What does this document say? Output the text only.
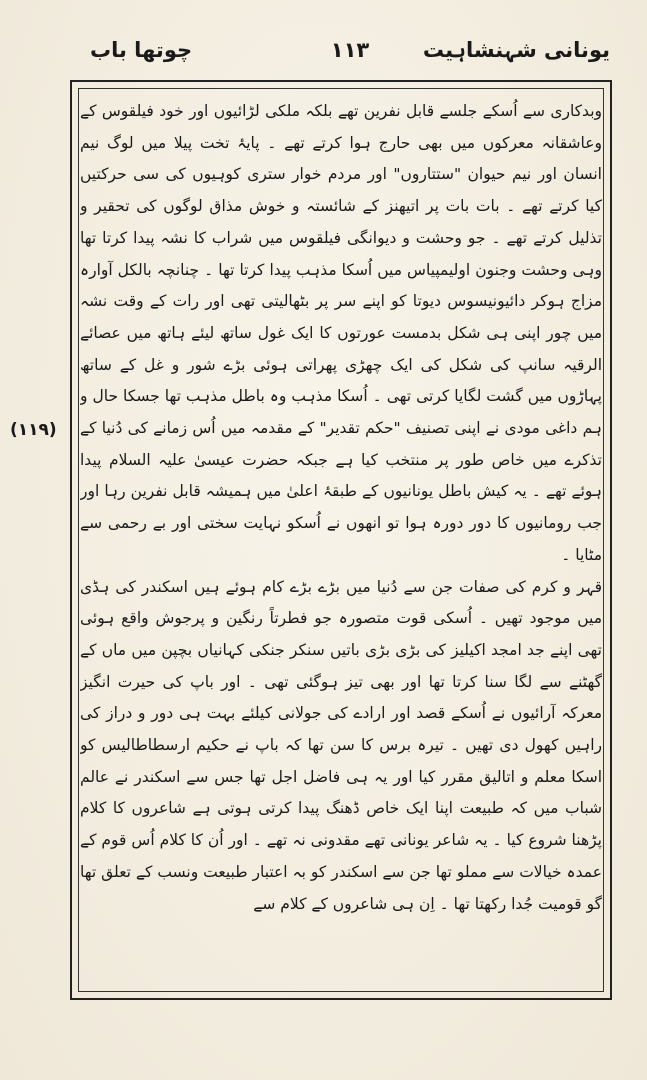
یونانی شہنشاہیت
۱۱۳
چوتھا باب

وبدکاری سے اُسکے جلسے قابل نفرین تھے بلکہ ملکی لڑائیوں اور خود فیلقوس کے وعاشقانہ معرکوں میں بھی حارج ہوا کرتے تھے ۔ پایۂ تخت پیلا میں لوگ نیم انسان اور نیم حیوان "ستتاروں" اور مردم خوار ستری کوہیوں کی سی حرکتیں کیا کرتے تھے ۔ بات بات پر اتیھنز کے شائستہ و خوش مذاق لوگوں کی تحقیر و تذلیل کرتے تھے ۔ جو وحشت و دیوانگی فیلقوس میں شراب کا نشہ پیدا کرتا تھا وہی وحشت وجنون اولیمپیاس میں اُسکا مذہب پیدا کرتا تھا ۔ چنانچہ بالکل آوارہ مزاج ہوکر دائیونیسوس دیوتا کو اپنے سر پر بٹھالیتی تھی اور رات کے وقت نشہ میں چور اپنی ہی شکل بدمست عورتوں کا ایک غول ساتھ لیئے ہاتھ میں عصائے الرقیہ سانپ کی شکل کی ایک چھڑی پھراتی ہوئی بڑے شور و غل کے ساتھ پہاڑوں میں گشت لگایا کرتی تھی ۔ اُسکا مذہب وہ باطل مذہب تھا جسکا حال و ہم داغی مودی نے اپنی تصنیف "حکم تقدیر" کے مقدمہ میں اُس زمانے کی دُنیا کے تذکرے میں خاص طور پر منتخب کیا ہے جبکہ حضرت عیسیٰ علیہ السلام پیدا ہوئے تھے ۔ یہ کیش باطل یونانیوں کے طبقۂ اعلیٰ میں ہمیشہ قابل نفرین رہا اور جب رومانیوں کا دور دورہ ہوا تو انھوں نے اُسکو نہایت سختی اور بے رحمی سے مٹایا ۔

قہر و کرم کی صفات جن سے دُنیا میں بڑے بڑے کام ہوئے ہیں اسکندر کی ہڈی میں موجود تھیں ۔ اُسکی قوت متصورہ جو فطرتاً رنگین و پرجوش واقع ہوئی تھی اپنے جد امجد اکیلیز کی بڑی بڑی باتیں سنکر جنکی کہانیاں بچپن میں ماں کے گھٹنے سے لگا سنا کرتا تھا اور بھی تیز ہوگئی تھی ۔ اور باپ کی حیرت انگیز معرکہ آرائیوں نے اُسکے قصد اور ارادے کی جولانی کیلئے بہت ہی دور و دراز کی راہیں کھول دی تھیں ۔ تیرہ برس کا سن تھا کہ باپ نے حکیم ارسطاطالیس کو اسکا معلم و اتالیق مقرر کیا اور یہ ہی فاضل اجل تھا جس سے اسکندر نے عالم شباب میں کہ طبیعت اپنا ایک خاص ڈھنگ پیدا کرتی ہوتی ہے شاعروں کا کلام پڑھنا شروع کیا ۔ یہ شاعر یونانی تھے مقدونی نہ تھے ۔ اور اُن کا کلام اُس قوم کے عمدہ خیالات سے مملو تھا جن سے اسکندر کو بہ اعتبار طبیعت ونسب کے تعلق تھا گو قومیت جُدا رکھتا تھا ۔ اِن ہی شاعروں کے کلام سے

(۱۱۹)
